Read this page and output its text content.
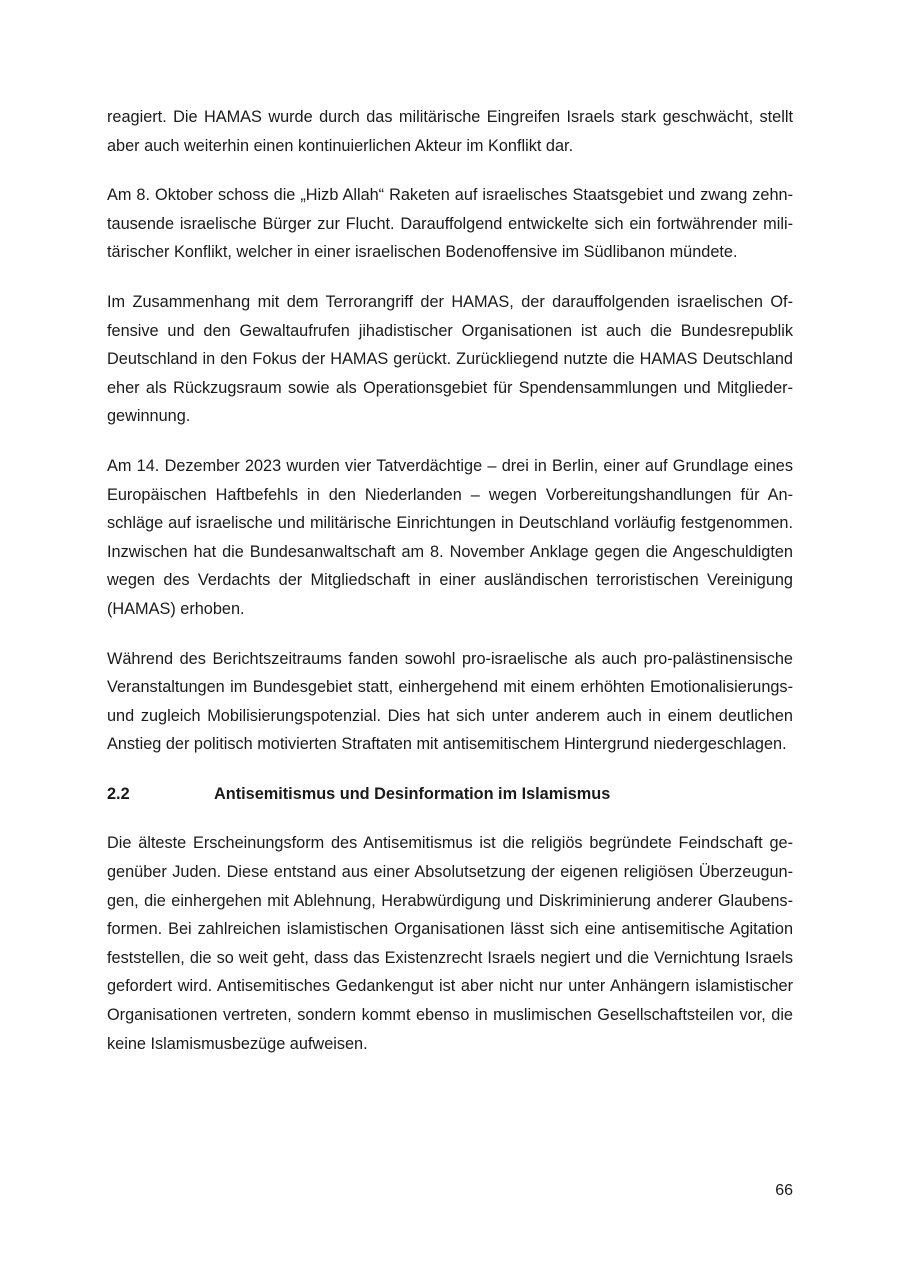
reagiert. Die HAMAS wurde durch das militärische Eingreifen Israels stark geschwächt, stellt aber auch weiterhin einen kontinuierlichen Akteur im Konflikt dar.

Am 8. Oktober schoss die „Hizb Allah“ Raketen auf israelisches Staatsgebiet und zwang zehntausende israelische Bürger zur Flucht. Darauffolgend entwickelte sich ein fortwährender militärischer Konflikt, welcher in einer israelischen Bodenoffensive im Südlibanon mündete.

Im Zusammenhang mit dem Terrorangriff der HAMAS, der darauffolgenden israelischen Offensive und den Gewaltaufrufen jihadistischer Organisationen ist auch die Bundesrepublik Deutschland in den Fokus der HAMAS gerückt. Zurückliegend nutzte die HAMAS Deutschland eher als Rückzugsraum sowie als Operationsgebiet für Spendensammlungen und Mitgliedergewinnung.

Am 14. Dezember 2023 wurden vier Tatverdächtige – drei in Berlin, einer auf Grundlage eines Europäischen Haftbefehls in den Niederlanden – wegen Vorbereitungshandlungen für Anschläge auf israelische und militärische Einrichtungen in Deutschland vorläufig festgenommen. Inzwischen hat die Bundesanwaltschaft am 8. November Anklage gegen die Angeschuldigten wegen des Verdachts der Mitgliedschaft in einer ausländischen terroristischen Vereinigung (HAMAS) erhoben.

Während des Berichtszeitraums fanden sowohl pro-israelische als auch pro-palästinensische Veranstaltungen im Bundesgebiet statt, einhergehend mit einem erhöhten Emotionalisierungs- und zugleich Mobilisierungspotenzial. Dies hat sich unter anderem auch in einem deutlichen Anstieg der politisch motivierten Straftaten mit antisemitischem Hintergrund niedergeschlagen.

2.2	Antisemitismus und Desinformation im Islamismus

Die älteste Erscheinungsform des Antisemitismus ist die religiös begründete Feindschaft gegenüber Juden. Diese entstand aus einer Absolutsetzung der eigenen religiösen Überzeugungen, die einhergehen mit Ablehnung, Herabwürdigung und Diskriminierung anderer Glaubensformen. Bei zahlreichen islamistischen Organisationen lässt sich eine antisemitische Agitation feststellen, die so weit geht, dass das Existenzrecht Israels negiert und die Vernichtung Israels gefordert wird. Antisemitisches Gedankengut ist aber nicht nur unter Anhängern islamistischer Organisationen vertreten, sondern kommt ebenso in muslimischen Gesellschaftsteilen vor, die keine Islamismusbezüge aufweisen.

66
